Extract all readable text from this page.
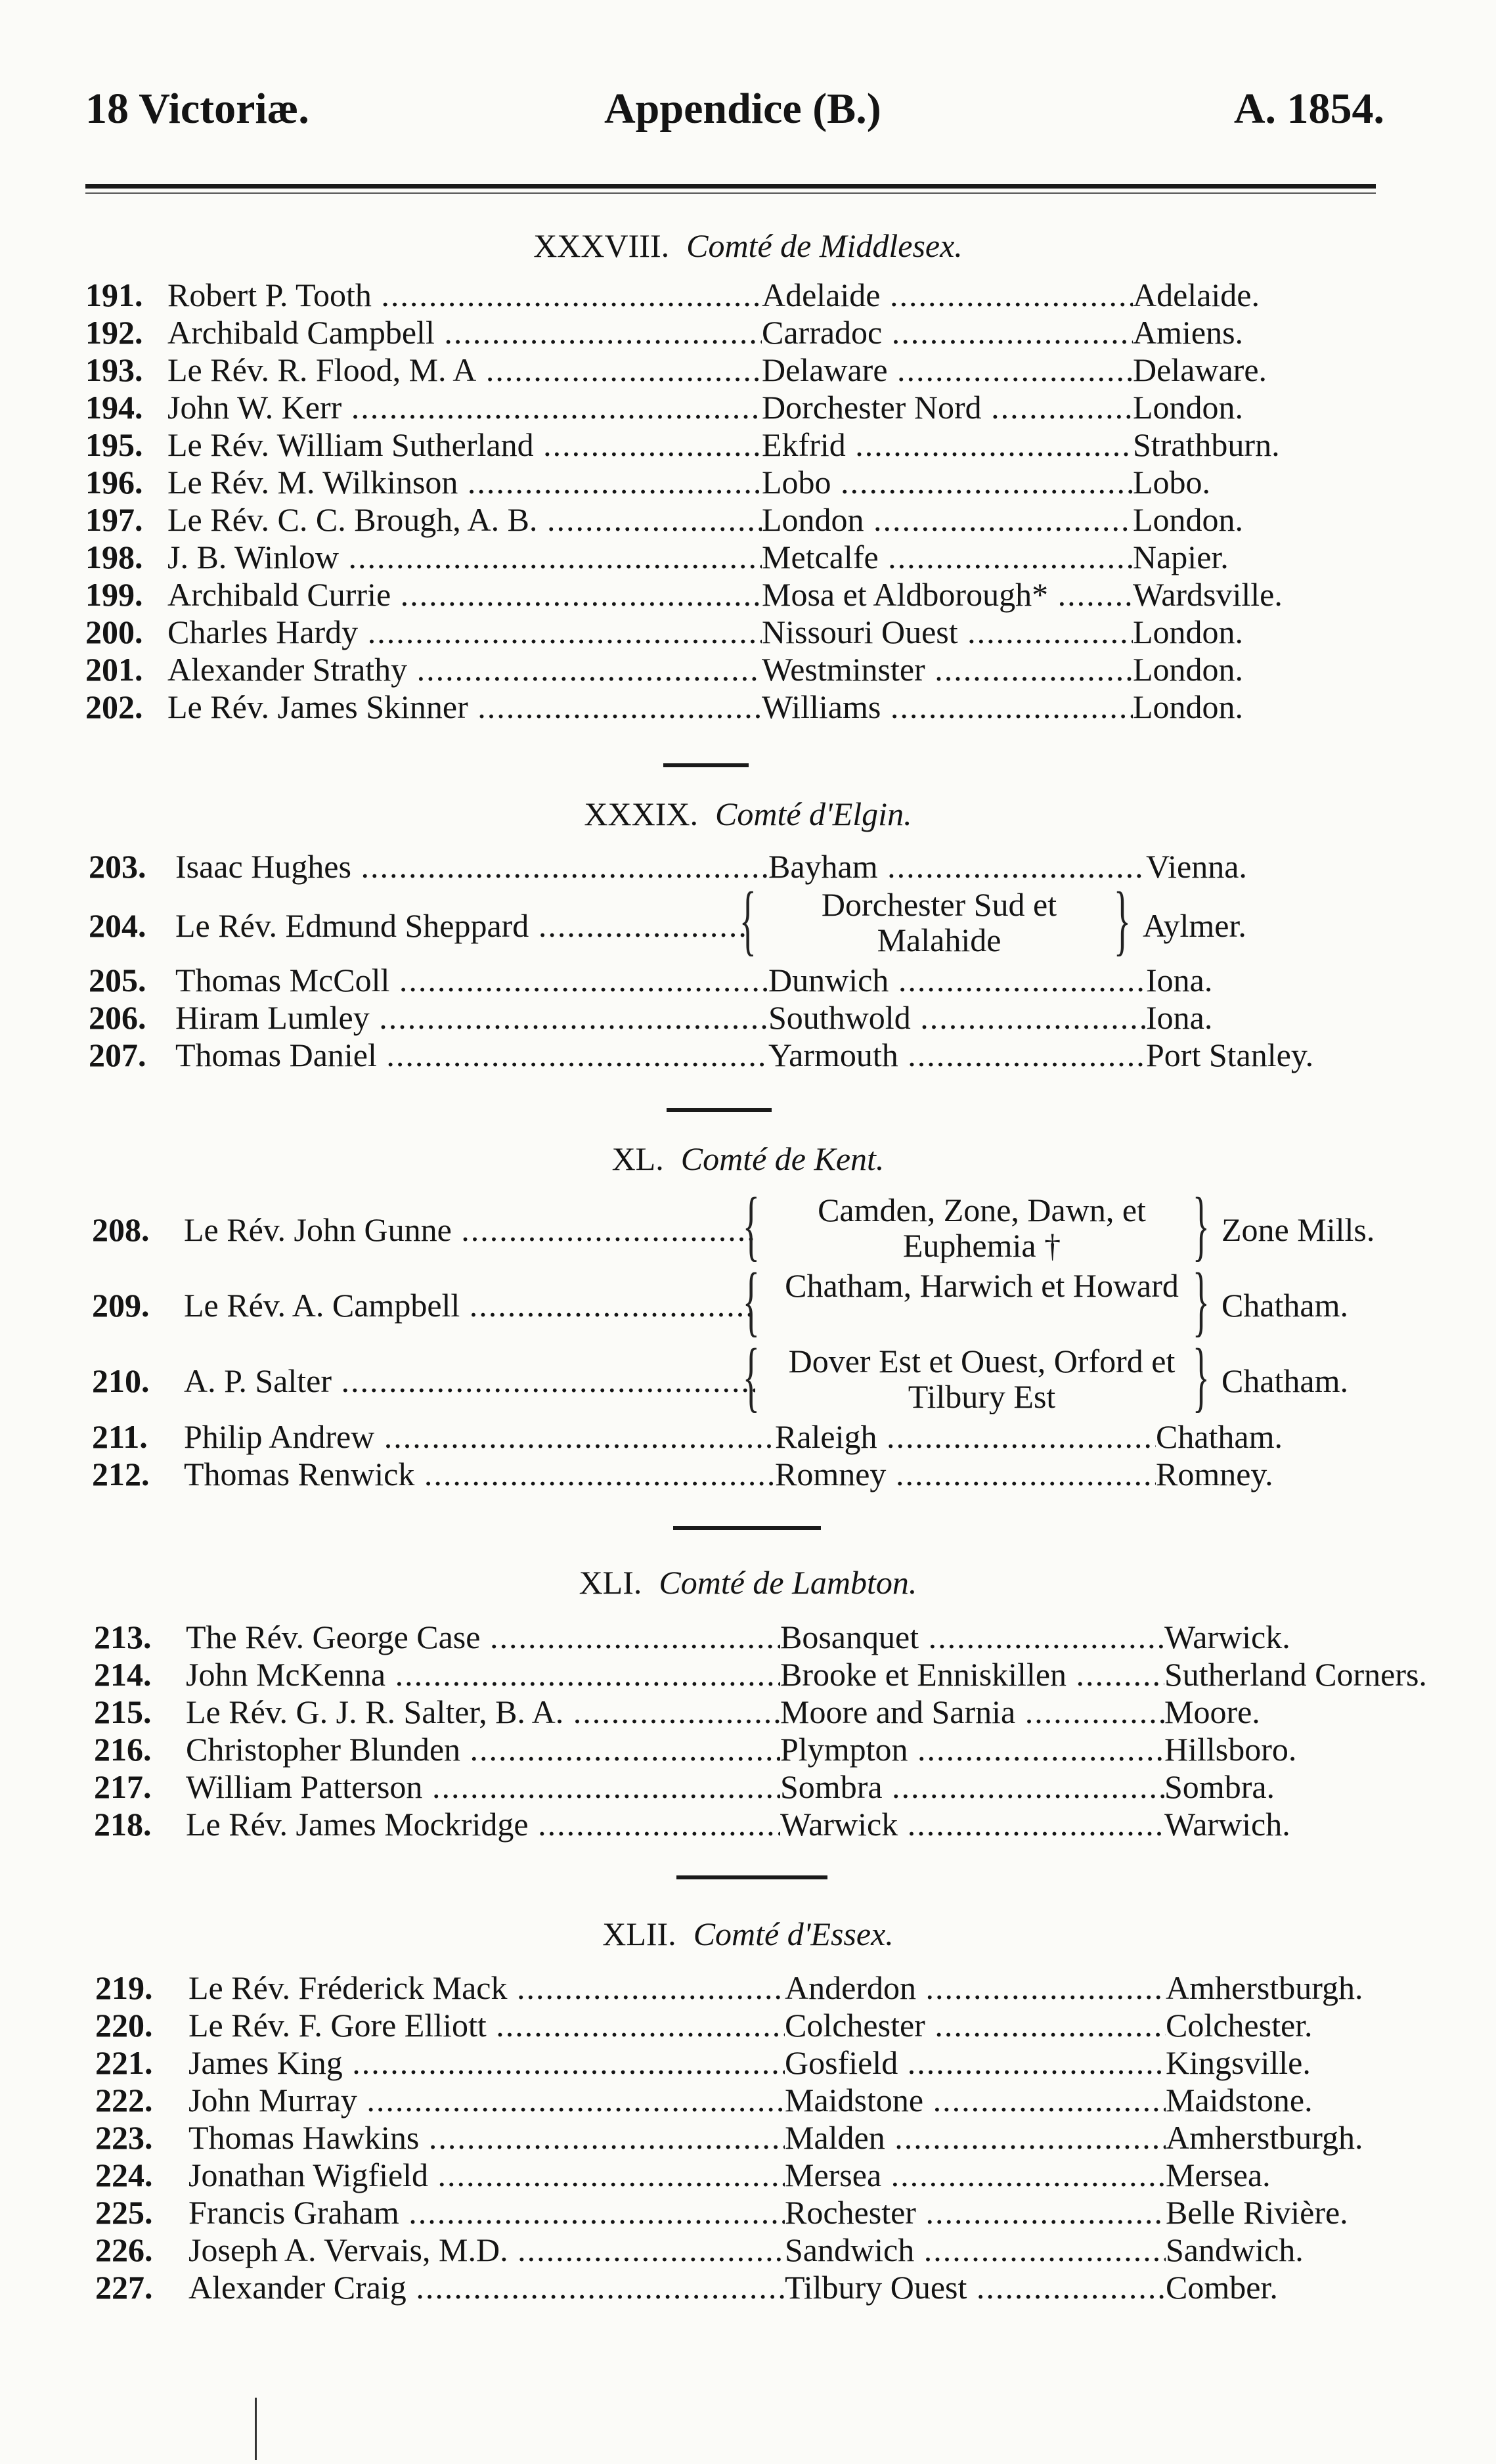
18 Victoriæ.	Appendice (B.)	A. 1854.
XXXVIII. Comté de Middlesex.
191. Robert P. Tooth .....	Adelaide .....	Adelaide.
192. Archibald Campbell .....	Carradoc .....	Amiens.
193. Le Rév. R. Flood, M. A .....	Delaware .....	Delaware.
194. John W. Kerr .....	Dorchester Nord .....	London.
195. Le Rév. William Sutherland .....	Ekfrid .....	Strathburn.
196. Le Rév. M. Wilkinson .....	Lobo .....	Lobo.
197. Le Rév. C. C. Brough, A. B. .....	London .....	London.
198. J. B. Winlow .....	Metcalfe .....	Napier.
199. Archibald Currie .....	Mosa et Aldborough* .....	Wardsville.
200. Charles Hardy .....	Nissouri Ouest .....	London.
201. Alexander Strathy .....	Westminster .....	London.
202. Le Rév. James Skinner .....	Williams .....	London.
XXXIX. Comté d'Elgin.
203. Isaac Hughes .....	Bayham .....	Vienna.
204. Le Rév. Edmund Sheppard .....	{	Dorchester Sud et Malahide	} Aylmer.
205. Thomas McColl .....	Dunwich .....	Iona.
206. Hiram Lumley .....	Southwold .....	Iona.
207. Thomas Daniel .....	Yarmouth .....	Port Stanley.
XL. Comté de Kent.
208. Le Rév. John Gunne .....	{	Camden, Zone, Dawn, et Euphemia †	} Zone Mills.
209. Le Rév. A. Campbell .....	{ Chatham, Harwich et Howard } Chatham.
210. A. P. Salter .....	{ Dover Est et Ouest, Orford et Tilbury Est	} Chatham.
211. Philip Andrew .....	Raleigh .....	Chatham.
212. Thomas Renwick .....	Romney .....	Romney.
XLI. Comté de Lambton.
213. The Rév. George Case .....	Bosanquet .....	Warwick.
214. John McKenna .....	Brooke et Enniskillen .....	Sutherland Corners.
215. Le Rév. G. J. R. Salter, B. A. .....	Moore and Sarnia .....	Moore.
216. Christopher Blunden .....	Plympton .....	Hillsboro.
217. William Patterson .....	Sombra .....	Sombra.
218. Le Rév. James Mockridge .....	Warwick .....	Warwich.
XLII. Comté d'Essex.
219. Le Rév. Fréderick Mack .....	Anderdon .....	Amherstburgh.
220. Le Rév. F. Gore Elliott .....	Colchester .....	Colchester.
221. James King .....	Gosfield .....	Kingsville.
222. John Murray .....	Maidstone .....	Maidstone.
223. Thomas Hawkins .....	Malden .....	Amherstburgh.
224. Jonathan Wigfield .....	Mersea .....	Mersea.
225. Francis Graham .....	Rochester .....	Belle Rivière.
226. Joseph A. Vervais, M.D. .....	Sandwich .....	Sandwich.
227. Alexander Craig .....	Tilbury Ouest .....	Comber.
